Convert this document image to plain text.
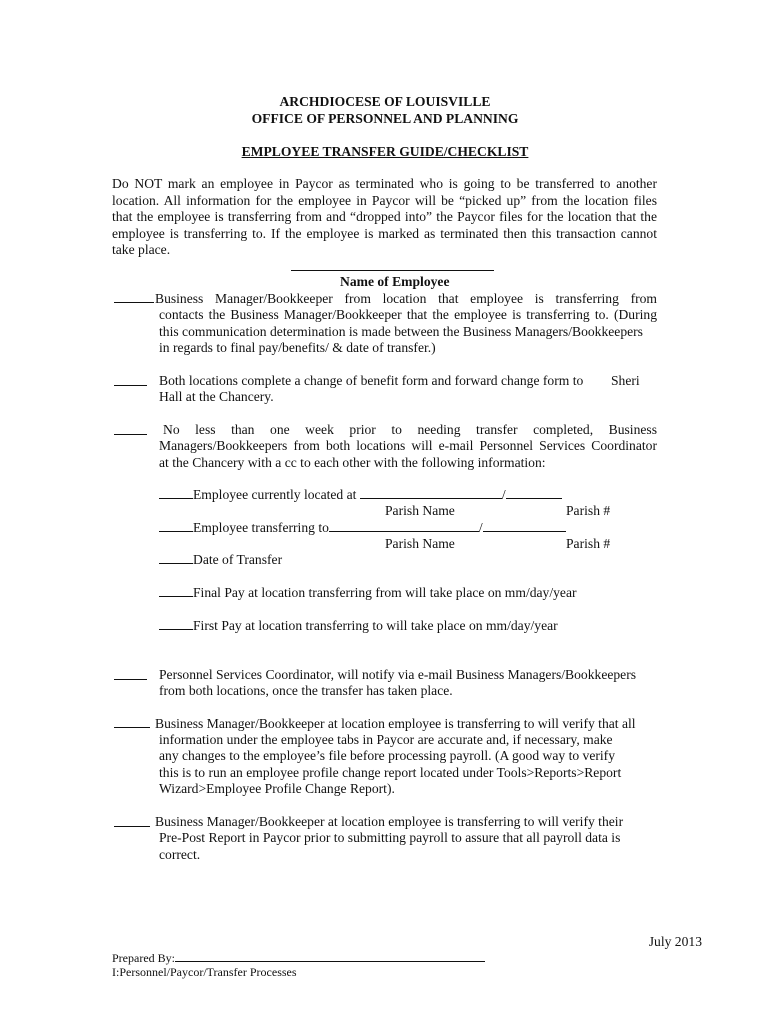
ARCHDIOCESE OF LOUISVILLE
OFFICE OF PERSONNEL AND PLANNING
EMPLOYEE TRANSFER GUIDE/CHECKLIST
Do NOT mark an employee in Paycor as terminated who is going to be transferred to another
location. All information for the employee in Paycor will be “picked up” from the location files
that the employee is transferring from and “dropped into” the Paycor files for the location that the
employee is transferring to. If the employee is marked as terminated then this transaction cannot
take place.
Name of Employee
Business Manager/Bookkeeper from location that employee is transferring from
contacts the Business Manager/Bookkeeper that the employee is transferring to. (During
this communication determination is made between the Business Managers/Bookkeepers
in regards to final pay/benefits/ & date of transfer.)
Both locations complete a change of benefit form and forward change form to Sheri
Hall at the Chancery.
No less than one week prior to needing transfer completed, Business
Managers/Bookkeepers from both locations will e-mail Personnel Services Coordinator
at the Chancery with a cc to each other with the following information:
Employee currently located at	/
Parish Name	Parish #
Employee transferring to	/
Parish Name	Parish #
Date of Transfer
Final Pay at location transferring from will take place on mm/day/year
First Pay at location transferring to will take place on mm/day/year
Personnel Services Coordinator, will notify via e-mail Business Managers/Bookkeepers
from both locations, once the transfer has taken place.
Business Manager/Bookkeeper at location employee is transferring to will verify that all
information under the employee tabs in Paycor are accurate and, if necessary, make
any changes to the employee’s file before processing payroll. (A good way to verify
this is to run an employee profile change report located under Tools>Reports>Report
Wizard>Employee Profile Change Report).
Business Manager/Bookkeeper at location employee is transferring to will verify their
Pre-Post Report in Paycor prior to submitting payroll to assure that all payroll data is
correct.
July 2013
Prepared By:
I:Personnel/Paycor/Transfer Processes
